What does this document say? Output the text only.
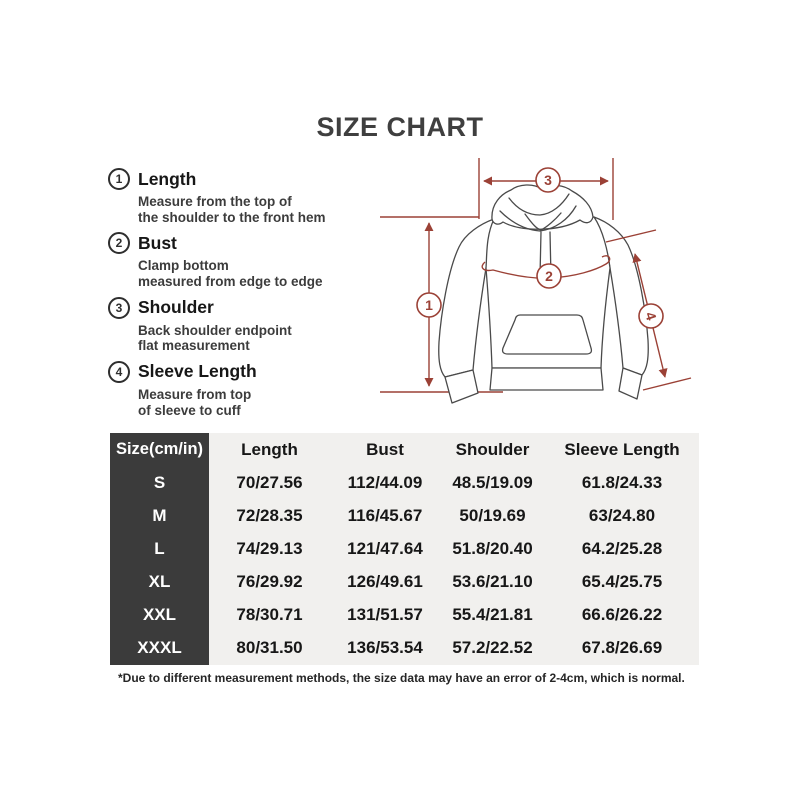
SIZE CHART
1 Length
Measure from the top of
the shoulder to the front hem
2 Bust
Clamp bottom
measured from edge to edge
3 Shoulder
Back shoulder endpoint
flat measurement
4 Sleeve Length
Measure from top
of sleeve to cuff
1
2
3
4
Size(cm/in)	Length	Bust	Shoulder	Sleeve Length
S	70/27.56	112/44.09	48.5/19.09	61.8/24.33
M	72/28.35	116/45.67	50/19.69	63/24.80
L	74/29.13	121/47.64	51.8/20.40	64.2/25.28
XL	76/29.92	126/49.61	53.6/21.10	65.4/25.75
XXL	78/30.71	131/51.57	55.4/21.81	66.6/26.22
XXXL	80/31.50	136/53.54	57.2/22.52	67.8/26.69
*Due to different measurement methods, the size data may have an error of 2-4cm, which is normal.
